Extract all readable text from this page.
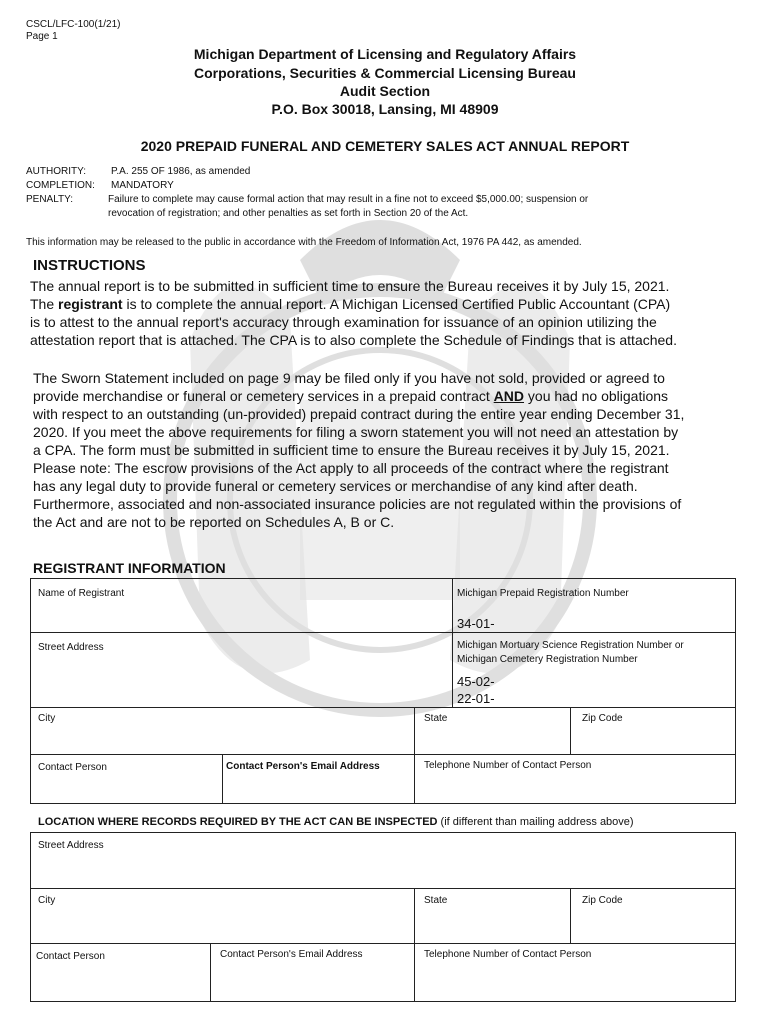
CSCL/LFC-100(1/21)
Page 1
Michigan Department of Licensing and Regulatory Affairs
Corporations, Securities & Commercial Licensing Bureau
Audit Section
P.O. Box 30018, Lansing, MI 48909
2020 PREPAID FUNERAL AND CEMETERY SALES ACT ANNUAL REPORT
AUTHORITY: P.A. 255 OF 1986, as amended
COMPLETION: MANDATORY
PENALTY:	Failure to complete may cause formal action that may result in a fine not to exceed $5,000.00; suspension or
revocation of registration; and other penalties as set forth in Section 20 of the Act.
This information may be released to the public in accordance with the Freedom of Information Act, 1976 PA 442, as amended.
INSTRUCTIONS
The annual report is to be submitted in sufficient time to ensure the Bureau receives it by July 15, 2021.
The registrant is to complete the annual report. A Michigan Licensed Certified Public Accountant (CPA)
is to attest to the annual report's accuracy through examination for issuance of an opinion utilizing the
attestation report that is attached. The CPA is to also complete the Schedule of Findings that is attached.
The Sworn Statement included on page 9 may be filed only if you have not sold, provided or agreed to
provide merchandise or funeral or cemetery services in a prepaid contract AND you had no obligations
with respect to an outstanding (un-provided) prepaid contract during the entire year ending December 31,
2020. If you meet the above requirements for filing a sworn statement you will not need an attestation by
a CPA. The form must be submitted in sufficient time to ensure the Bureau receives it by July 15, 2021.
Please note: The escrow provisions of the Act apply to all proceeds of the contract where the registrant
has any legal duty to provide funeral or cemetery services or merchandise of any kind after death.
Furthermore, associated and non-associated insurance policies are not regulated within the provisions of
the Act and are not to be reported on Schedules A, B or C.
REGISTRANT INFORMATION
Name of Registrant	Michigan Prepaid Registration Number
34-01-
Street Address	Michigan Mortuary Science Registration Number or
Michigan Cemetery Registration Number
45-02-
22-01-
City	State	Zip Code
Contact Person	Contact Person's Email Address	Telephone Number of Contact Person
LOCATION WHERE RECORDS REQUIRED BY THE ACT CAN BE INSPECTED (if different than mailing address above)
Street Address
City	State	Zip Code
Contact Person	Contact Person's Email Address	Telephone Number of Contact Person
